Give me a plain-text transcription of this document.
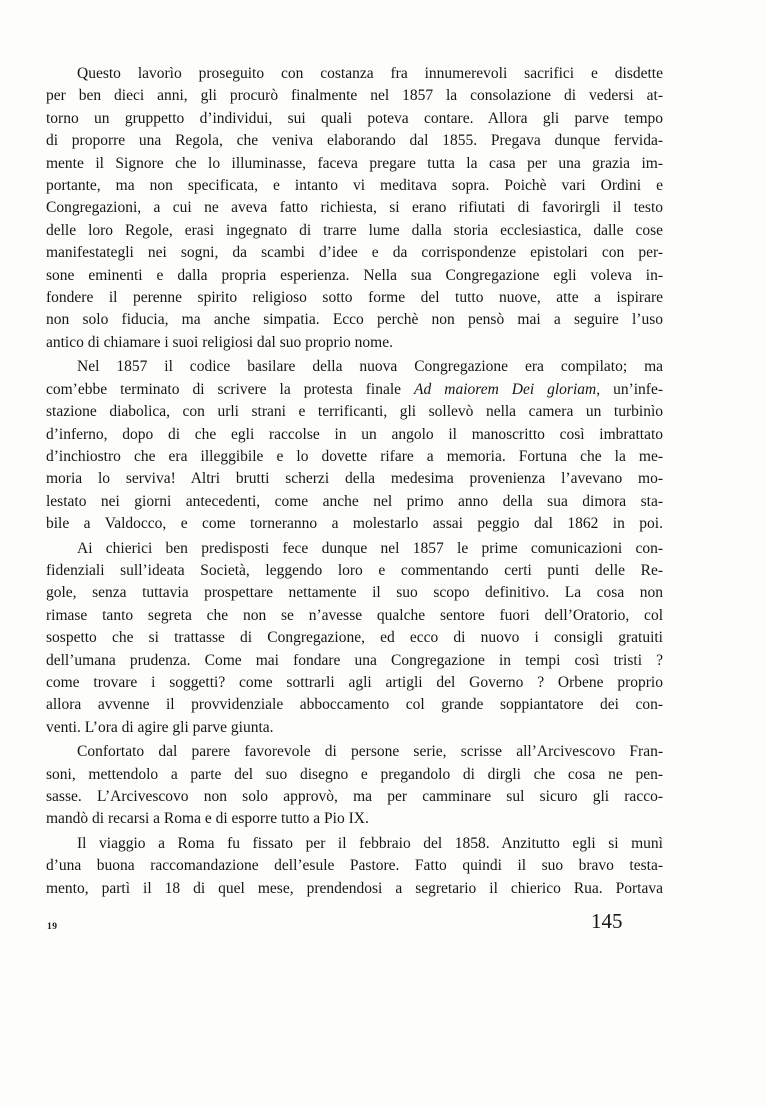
Questo lavorìo proseguito con costanza fra innumerevoli sacrifici e disdette
per ben dieci anni, gli procurò finalmente nel 1857 la consolazione di vedersi at-
torno un gruppetto d’individui, sui quali poteva contare. Allora gli parve tempo
di proporre una Regola, che veniva elaborando dal 1855. Pregava dunque fervida-
mente il Signore che lo illuminasse, faceva pregare tutta la casa per una grazia im-
portante, ma non specificata, e intanto vi meditava sopra. Poichè vari Ordini e
Congregazioni, a cui ne aveva fatto richiesta, si erano rifiutati di favorirgli il testo
delle loro Regole, erasi ingegnato di trarre lume dalla storia ecclesiastica, dalle cose
manifestategli nei sogni, da scambi d’idee e da corrispondenze epistolari con per-
sone eminenti e dalla propria esperienza. Nella sua Congregazione egli voleva in-
fondere il perenne spirito religioso sotto forme del tutto nuove, atte a ispirare
non solo fiducia, ma anche simpatia. Ecco perchè non pensò mai a seguire l’uso
antico di chiamare i suoi religiosi dal suo proprio nome.
Nel 1857 il codice basilare della nuova Congregazione era compilato; ma
com’ebbe terminato di scrivere la protesta finale Ad maiorem Dei gloriam, un’infe-
stazione diabolica, con urli strani e terrificanti, gli sollevò nella camera un turbinìo
d’inferno, dopo di che egli raccolse in un angolo il manoscritto così imbrattato
d’inchiostro che era illeggibile e lo dovette rifare a memoria. Fortuna che la me-
moria lo serviva! Altri brutti scherzi della medesima provenienza l’avevano mo-
lestato nei giorni antecedenti, come anche nel primo anno della sua dimora sta-
bile a Valdocco, e come torneranno a molestarlo assai peggio dal 1862 in poi.
Ai chierici ben predisposti fece dunque nel 1857 le prime comunicazioni con-
fidenziali sull’ideata Società, leggendo loro e commentando certi punti delle Re-
gole, senza tuttavia prospettare nettamente il suo scopo definitivo. La cosa non
rimase tanto segreta che non se n’avesse qualche sentore fuori dell’Oratorio, col
sospetto che si trattasse di Congregazione, ed ecco di nuovo i consigli gratuiti
dell’umana prudenza. Come mai fondare una Congregazione in tempi così tristi ?
come trovare i soggetti? come sottrarli agli artigli del Governo ? Orbene proprio
allora avvenne il provvidenziale abboccamento col grande soppiantatore dei con-
venti. L’ora di agire gli parve giunta.
Confortato dal parere favorevole di persone serie, scrisse all’Arcivescovo Fran-
soni, mettendolo a parte del suo disegno e pregandolo di dirgli che cosa ne pen-
sasse. L’Arcivescovo non solo approvò, ma per camminare sul sicuro gli racco-
mandò di recarsi a Roma e di esporre tutto a Pio IX.
Il viaggio a Roma fu fissato per il febbraio del 1858. Anzitutto egli si munì
d’una buona raccomandazione dell’esule Pastore. Fatto quindi il suo bravo testa-
mento, partì il 18 di quel mese, prendendosi a segretario il chierico Rua. Portava
19	145
